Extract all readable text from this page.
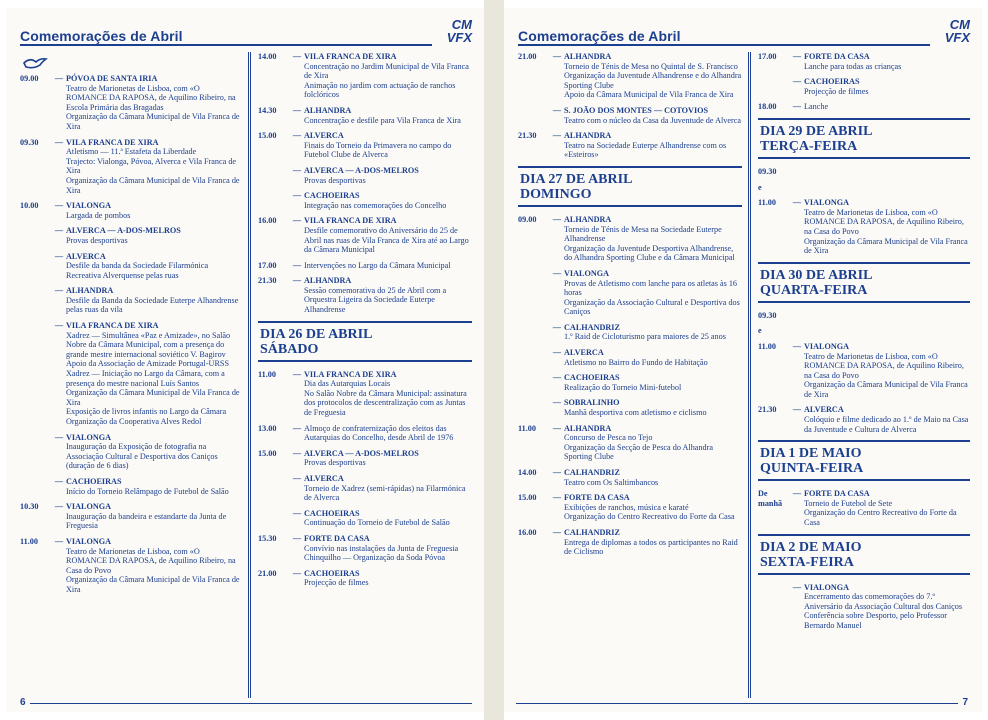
Comemorações de Abril
CM
VFX
09.00	— PÓVOA DE SANTA IRIA
Teatro de Marionetas de Lisboa, com «O ROMANCE DA RAPOSA, de Aquilino Ribeiro, na Escola Primária das Bragadas
Organização da Câmara Municipal de Vila Franca de Xira
09.30	— VILA FRANCA DE XIRA
Atletismo — 11.ª Estafeta da Liberdade
Trajecto: Vialonga, Póvoa, Alverca e Vila Franca de Xira
Organização da Câmara Municipal de Vila Franca de Xira
10.00	— VIALONGA
Largada de pombos
— ALVERCA — A-DOS-MELROS
Provas desportivas
— ALVERCA
Desfile da banda da Sociedade Filarmónica Recreativa Alverquense pelas ruas
— ALHANDRA
Desfile da Banda da Sociedade Euterpe Alhandrense pelas ruas da vila
— VILA FRANCA DE XIRA
Xadrez — Simultânea «Paz e Amizade», no Salão Nobre da Câmara Municipal, com a presença do grande mestre internacional soviético V. Bagirov
Apoio da Associação de Amizade Portugal-URSS
Xadrez — Iniciação no Largo da Câmara, com a presença do mestre nacional Luís Santos
Organização da Câmara Municipal de Vila Franca de Xira
Exposição de livros infantis no Largo da Câmara
Organização da Cooperativa Alves Redol
— VIALONGA
Inauguração da Exposição de fotografia na Associação Cultural e Desportiva dos Caniços (duração de 6 dias)
— CACHOEIRAS
Início do Torneio Relâmpago de Futebol de Salão
10.30	— VIALONGA
Inauguração da bandeira e estandarte da Junta de Freguesia
11.00	— VIALONGA
Teatro de Marionetas de Lisboa, com «O ROMANCE DA RAPOSA, de Aquilino Ribeiro, na Casa do Povo
Organização da Câmara Municipal de Vila Franca de Xira
14.00	— VILA FRANCA DE XIRA
Concentração no Jardim Municipal de Vila Franca de Xira
Animação no jardim com actuação de ranchos folclóricos
14.30	— ALHANDRA
Concentração e desfile para Vila Franca de Xira
15.00	— ALVERCA
Finais do Torneio da Primavera no campo do Futebol Clube de Alverca
— ALVERCA — A-DOS-MELROS
Provas desportivas
— CACHOEIRAS
Integração nas comemorações do Concelho
16.00	— VILA FRANCA DE XIRA
Desfile comemorativo do Aniversário do 25 de Abril nas ruas de Vila Franca de Xira até ao Largo da Câmara Municipal
17.00	— Intervenções no Largo da Câmara Municipal
21.30	— ALHANDRA
Sessão comemorativa do 25 de Abril com a Orquestra Ligeira da Sociedade Euterpe Alhandrense
DIA 26 DE ABRIL
SÁBADO
11.00	— VILA FRANCA DE XIRA
Dia das Autarquias Locais
No Salão Nobre da Câmara Municipal: assinatura dos protocolos de descentralização com as Juntas de Freguesia
13.00	— Almoço de confraternização dos eleitos das Autarquias do Concelho, desde Abril de 1976
15.00	— ALVERCA — A-DOS-MELROS
Provas desportivas
— ALVERCA
Torneio de Xadrez (semi-rápidas) na Filarmónica de Alverca
— CACHOEIRAS
Continuação do Torneio de Futebol de Salão
15.30	— FORTE DA CASA
Convívio nas instalações da Junta de Freguesia
Chinquilho — Organização da Soda Póvoa
21.00	— CACHOEIRAS
Projecção de filmes
6
Comemorações de Abril
CM
VFX
21.00	— ALHANDRA
Torneio de Ténis de Mesa no Quintal de S. Francisco
Organização da Juventude Alhandrense e do Alhandra Sporting Clube
Apoio da Câmara Municipal de Vila Franca de Xira
— S. JOÃO DOS MONTES — COTOVIOS
Teatro com o núcleo da Casa da Juventude de Alverca
21.30	— ALHANDRA
Teatro na Sociedade Euterpe Alhandrense com os «Esteiros»
DIA 27 DE ABRIL
DOMINGO
09.00	— ALHANDRA
Torneio de Ténis de Mesa na Sociedade Euterpe Alhandrense
Organização da Juventude Desportiva Alhandrense, do Alhandra Sporting Clube e da Câmara Municipal
— VIALONGA
Provas de Atletismo com lanche para os atletas às 16 horas
Organização da Associação Cultural e Desportiva dos Caniços
— CALHANDRIZ
1.º Raid de Cicloturismo para maiores de 25 anos
— ALVERCA
Atletismo no Bairro do Fundo de Habitação
— CACHOEIRAS
Realização do Torneio Mini-futebol
— SOBRALINHO
Manhã desportiva com atletismo e ciclismo
11.00	— ALHANDRA
Concurso de Pesca no Tejo
Organização da Secção de Pesca do Alhandra Sporting Clube
14.00	— CALHANDRIZ
Teatro com Os Saltimbancos
15.00	— FORTE DA CASA
Exibições de ranchos, música e karaté
Organização do Centro Recreativo do Forte da Casa
16.00	— CALHANDRIZ
Entrega de diplomas a todos os participantes no Raid de Ciclismo
17.00	— FORTE DA CASA
Lanche para todas as crianças
— CACHOEIRAS
Projecção de filmes
18.00	— Lanche
DIA 29 DE ABRIL
TERÇA-FEIRA
09.30
e
11.00	— VIALONGA
Teatro de Marionetas de Lisboa, com «O ROMANCE DA RAPOSA, de Aquilino Ribeiro, na Casa do Povo
Organização da Câmara Municipal de Vila Franca de Xira
DIA 30 DE ABRIL
QUARTA-FEIRA
09.30
e
11.00	— VIALONGA
Teatro de Marionetas de Lisboa, com «O ROMANCE DA RAPOSA, de Aquilino Ribeiro, na Casa do Povo
Organização da Câmara Municipal de Vila Franca de Xira
21.30	— ALVERCA
Colóquio e filme dedicado ao 1.º de Maio na Casa da Juventude e Cultura de Alverca
DIA 1 DE MAIO
QUINTA-FEIRA
De manhã
— FORTE DA CASA
Torneio de Futebol de Sete
Organização do Centro Recreativo do Forte da Casa
DIA 2 DE MAIO
SEXTA-FEIRA
— VIALONGA
Encerramento das comemorações do 7.º Aniversário da Associação Cultural dos Caniços
Conferência sobre Desporto, pelo Professor Bernardo Manuel
7
